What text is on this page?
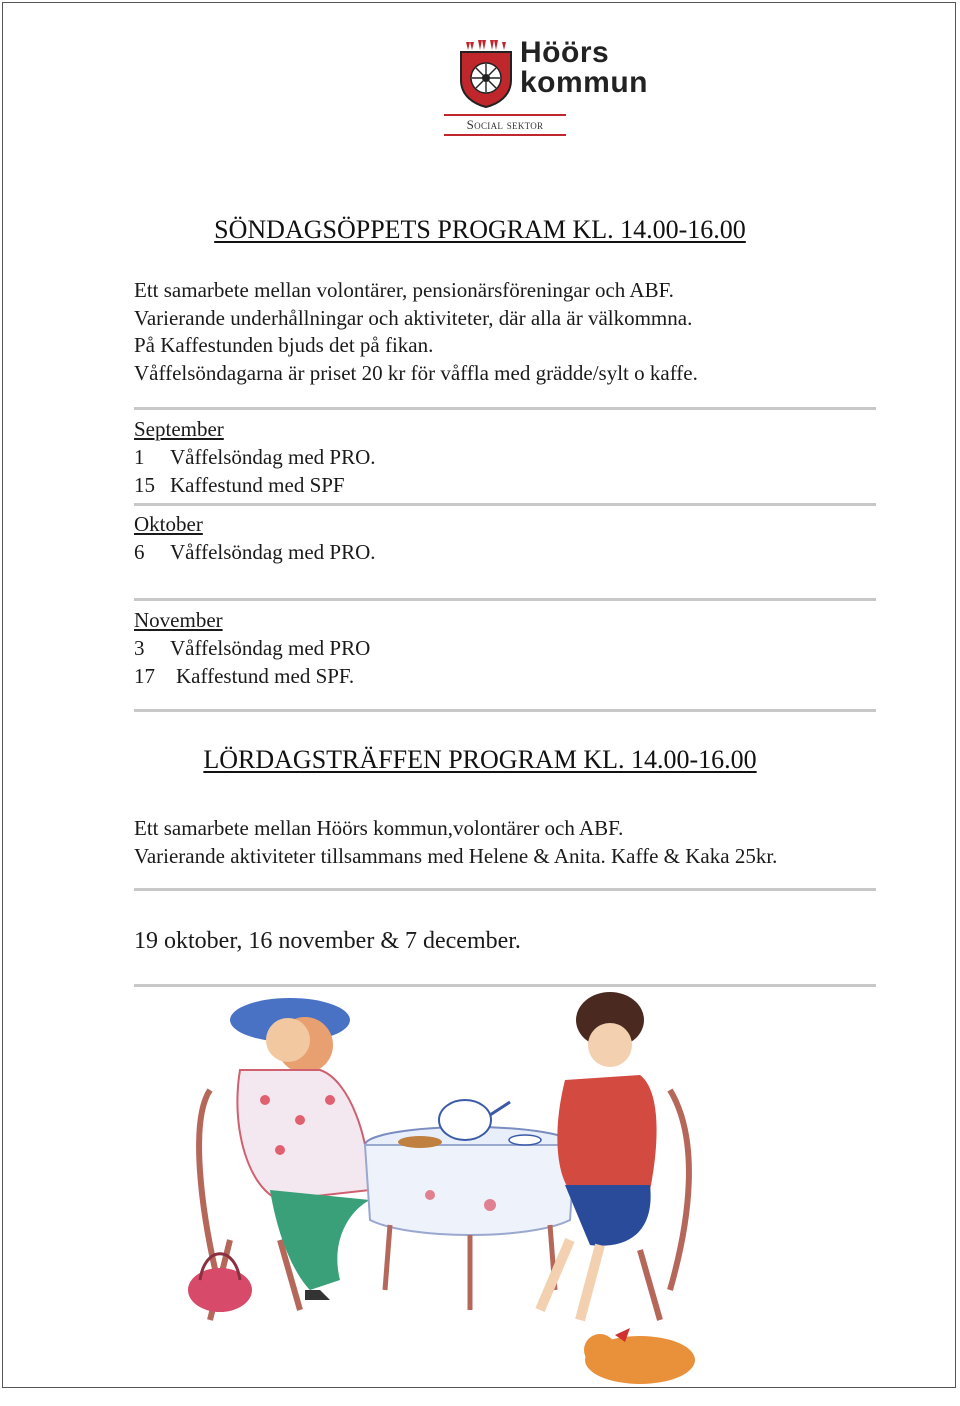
Höörs
kommun
Social sektor
SÖNDAGSÖPPETS PROGRAM KL. 14.00-16.00
Ett samarbete mellan volontärer, pensionärsföreningar och ABF.
Varierande underhållningar och aktiviteter, där alla är välkommna.
På Kaffestunden bjuds det på fikan.
Våffelsöndagarna är priset 20 kr för våffla med grädde/sylt o kaffe.
September
1 Våffelsöndag med PRO.
15 Kaffestund med SPF
Oktober
6 Våffelsöndag med PRO.
November
3 Våffelsöndag med PRO
17 Kaffestund med SPF.
LÖRDAGSTRÄFFEN PROGRAM KL. 14.00-16.00
Ett samarbete mellan Höörs kommun,volontärer och ABF.
Varierande aktiviteter tillsammans med Helene & Anita. Kaffe & Kaka 25kr.
19 oktober, 16 november & 7 december.
